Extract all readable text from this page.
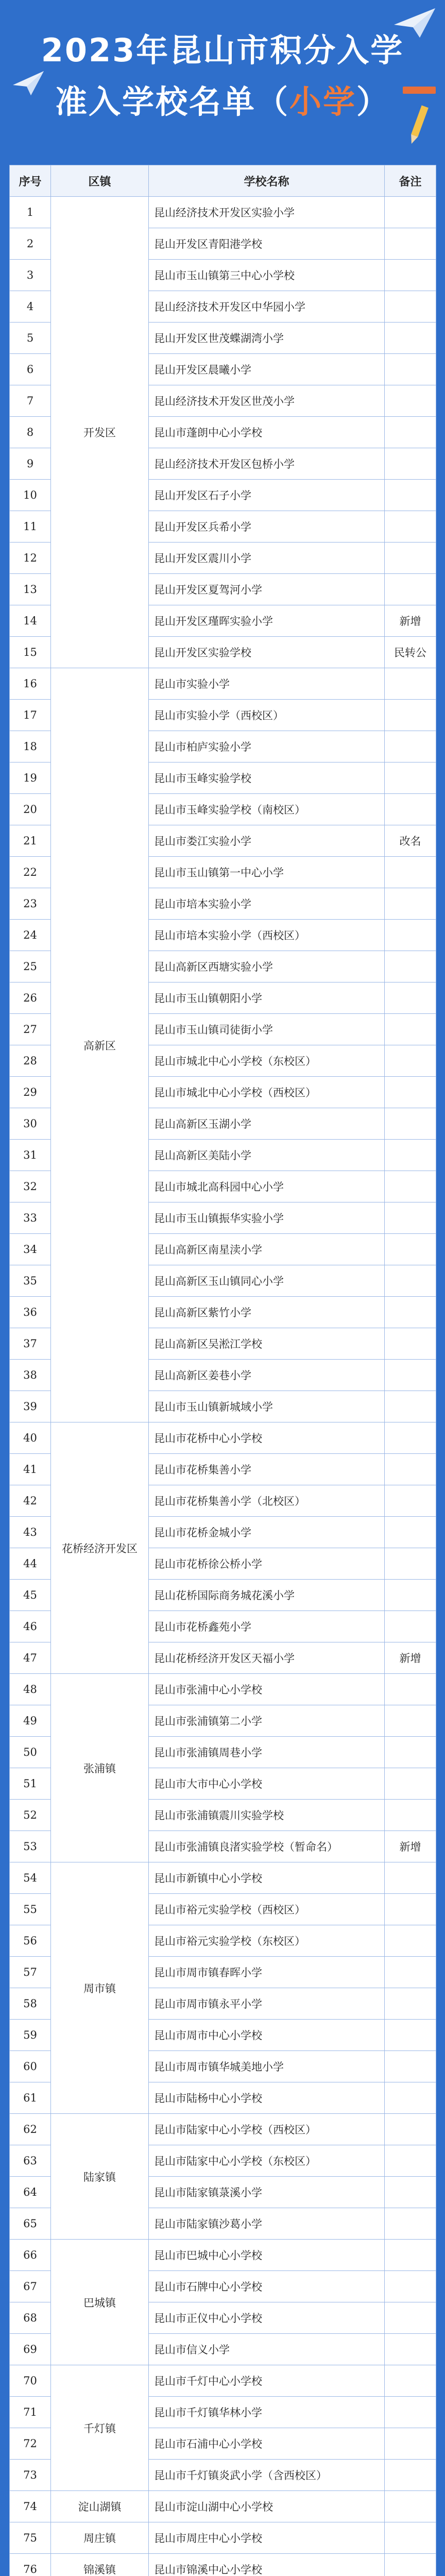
2023年昆山市积分入学
准入学校名单（小学）
序号	区镇	学校名称	备注
1	开发区	昆山经济技术开发区实验小学	
2		昆山开发区青阳港学校	
3		昆山市玉山镇第三中心小学校	
4		昆山经济技术开发区中华园小学	
5		昆山开发区世茂蝶湖湾小学	
6		昆山开发区晨曦小学	
7		昆山经济技术开发区世茂小学	
8		昆山市蓬朗中心小学校	
9		昆山经济技术开发区包桥小学	
10		昆山开发区石子小学	
11		昆山开发区兵希小学	
12		昆山开发区震川小学	
13		昆山开发区夏驾河小学	
14		昆山开发区瑾晖实验小学	新增
15		昆山开发区实验学校	民转公
16	高新区	昆山市实验小学	
17		昆山市实验小学（西校区）	
18		昆山市柏庐实验小学	
19		昆山市玉峰实验学校	
20		昆山市玉峰实验学校（南校区）	
21		昆山市娄江实验小学	改名
22		昆山市玉山镇第一中心小学	
23		昆山市培本实验小学	
24		昆山市培本实验小学（西校区）	
25		昆山高新区西塘实验小学	
26		昆山市玉山镇朝阳小学	
27		昆山市玉山镇司徒街小学	
28		昆山市城北中心小学校（东校区）	
29		昆山市城北中心小学校（西校区）	
30		昆山高新区玉湖小学	
31		昆山高新区美陆小学	
32		昆山市城北高科园中心小学	
33		昆山市玉山镇振华实验小学	
34		昆山高新区南星渎小学	
35		昆山高新区玉山镇同心小学	
36		昆山高新区紫竹小学	
37		昆山高新区吴淞江学校	
38		昆山高新区姜巷小学	
39		昆山市玉山镇新城域小学	
40	花桥经济开发区	昆山市花桥中心小学校	
41		昆山市花桥集善小学	
42		昆山市花桥集善小学（北校区）	
43		昆山市花桥金城小学	
44		昆山市花桥徐公桥小学	
45		昆山花桥国际商务城花溪小学	
46		昆山市花桥鑫苑小学	
47		昆山花桥经济开发区天福小学	新增
48	张浦镇	昆山市张浦中心小学校	
49		昆山市张浦镇第二小学	
50		昆山市张浦镇周巷小学	
51		昆山市大市中心小学校	
52		昆山市张浦镇震川实验学校	
53		昆山市张浦镇良渚实验学校（暂命名）	新增
54	周市镇	昆山市新镇中心小学校	
55		昆山市裕元实验学校（西校区）	
56		昆山市裕元实验学校（东校区）	
57		昆山市周市镇春晖小学	
58		昆山市周市镇永平小学	
59		昆山市周市中心小学校	
60		昆山市周市镇华城美地小学	
61		昆山市陆杨中心小学校	
62	陆家镇	昆山市陆家中心小学校（西校区）	
63		昆山市陆家中心小学校（东校区）	
64		昆山市陆家镇菉溪小学	
65		昆山市陆家镇沙葛小学	
66	巴城镇	昆山市巴城中心小学校	
67		昆山市石牌中心小学校	
68		昆山市正仪中心小学校	
69		昆山市信义小学	
70	千灯镇	昆山市千灯中心小学校	
71		昆山市千灯镇华林小学	
72		昆山市石浦中心小学校	
73		昆山市千灯镇炎武小学（含西校区）	
74	淀山湖镇	昆山市淀山湖中心小学校	
75	周庄镇	昆山市周庄中心小学校	
76	锦溪镇	昆山市锦溪中心小学校	
